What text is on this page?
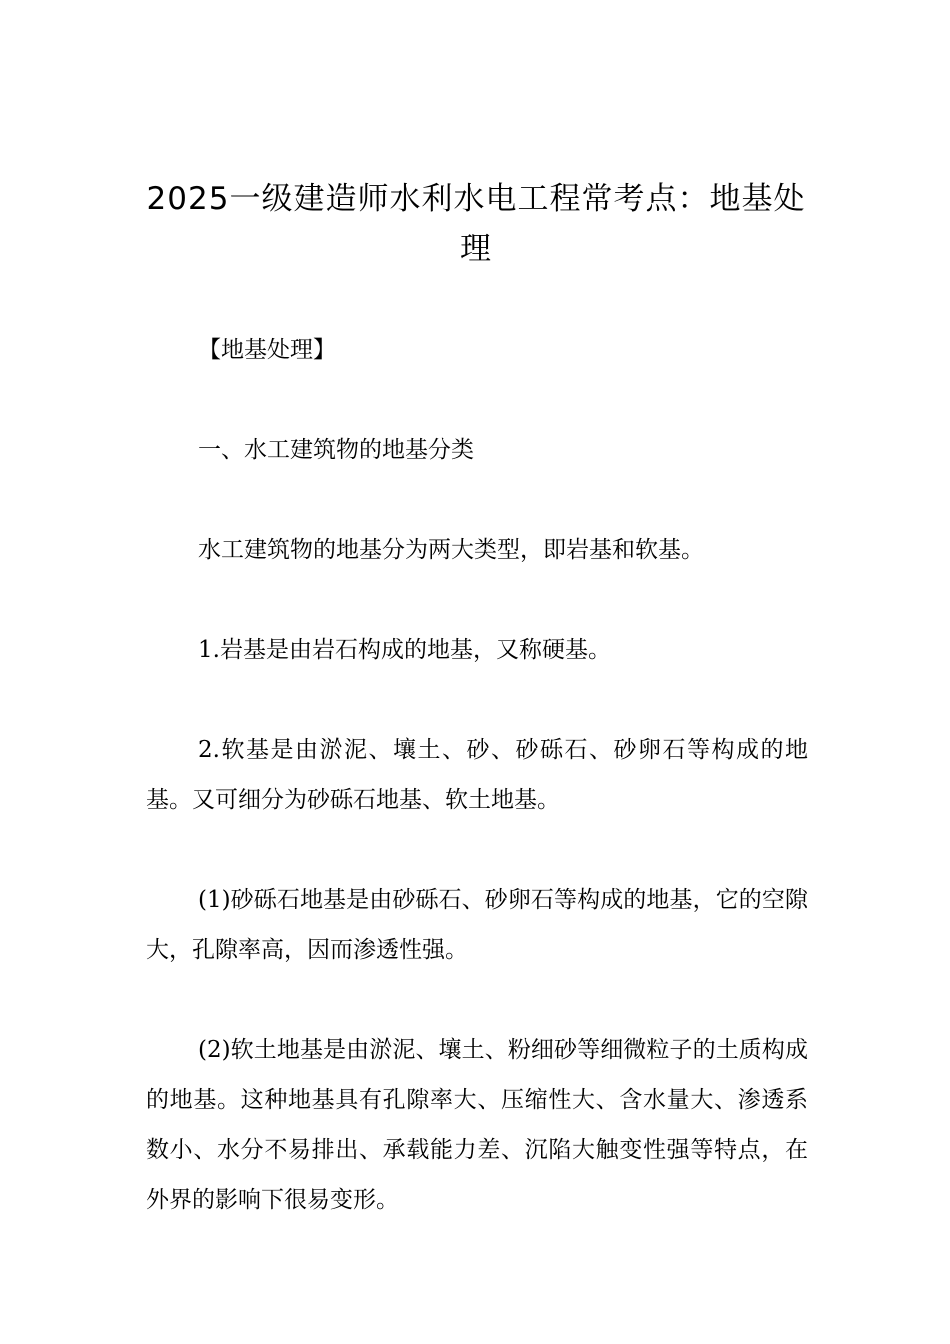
2025一级建造师水利水电工程常考点：地基处理

【地基处理】

一、水工建筑物的地基分类

水工建筑物的地基分为两大类型，即岩基和软基。

1.岩基是由岩石构成的地基，又称硬基。

2.软基是由淤泥、壤土、砂、砂砾石、砂卵石等构成的地基。又可细分为砂砾石地基、软土地基。

(1)砂砾石地基是由砂砾石、砂卵石等构成的地基，它的空隙大，孔隙率高，因而渗透性强。

(2)软土地基是由淤泥、壤土、粉细砂等细微粒子的土质构成的地基。这种地基具有孔隙率大、压缩性大、含水量大、渗透系数小、水分不易排出、承载能力差、沉陷大触变性强等特点，在外界的影响下很易变形。
